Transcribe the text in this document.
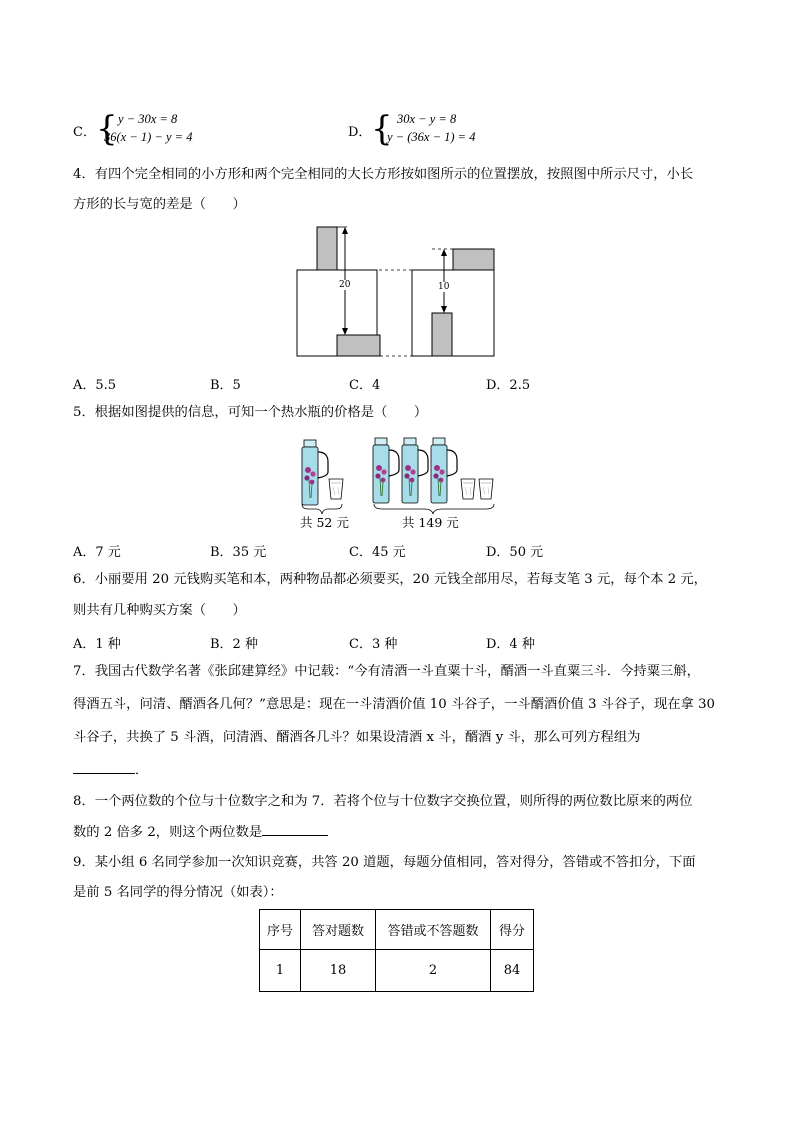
C． { y − 30x = 8
36(x − 1) − y = 4	D． { 30x − y = 8
y − (36x − 1) = 4
4．有四个完全相同的小方形和两个完全相同的大长方形按如图所示的位置摆放，按照图中所示尺寸，小长
方形的长与宽的差是（　　）
20	10
A．5.5	B．5	C．4	D．2.5
5．根据如图提供的信息，可知一个热水瓶的价格是（　　）
共 52 元	共 149 元
A．7 元	B．35 元	C．45 元	D．50 元
6．小丽要用 20 元钱购买笔和本，两种物品都必须要买，20 元钱全部用尽，若每支笔 3 元，每个本 2 元，
则共有几种购买方案（　　）
A．1 种	B．2 种	C．3 种	D．4 种
7．我国古代数学名著《张邱建算经》中记载：“今有清酒一斗直粟十斗，醑酒一斗直粟三斗．今持粟三斛，
得酒五斗，问清、醑酒各几何？”意思是：现在一斗清酒价值 10 斗谷子，一斗醑酒价值 3 斗谷子，现在拿 30
斗谷子，共换了 5 斗酒，问清酒、醑酒各几斗？如果设清酒 x 斗，醑酒 y 斗，那么可列方程组为
．
8．一个两位数的个位与十位数字之和为 7．若将个位与十位数字交换位置，则所得的两位数比原来的两位
数的 2 倍多 2，则这个两位数是
9．某小组 6 名同学参加一次知识竞赛，共答 20 道题，每题分值相同，答对得分，答错或不答扣分，下面
是前 5 名同学的得分情况（如表）：
序号	答对题数	答错或不答题数	得分
1	18	2	84
